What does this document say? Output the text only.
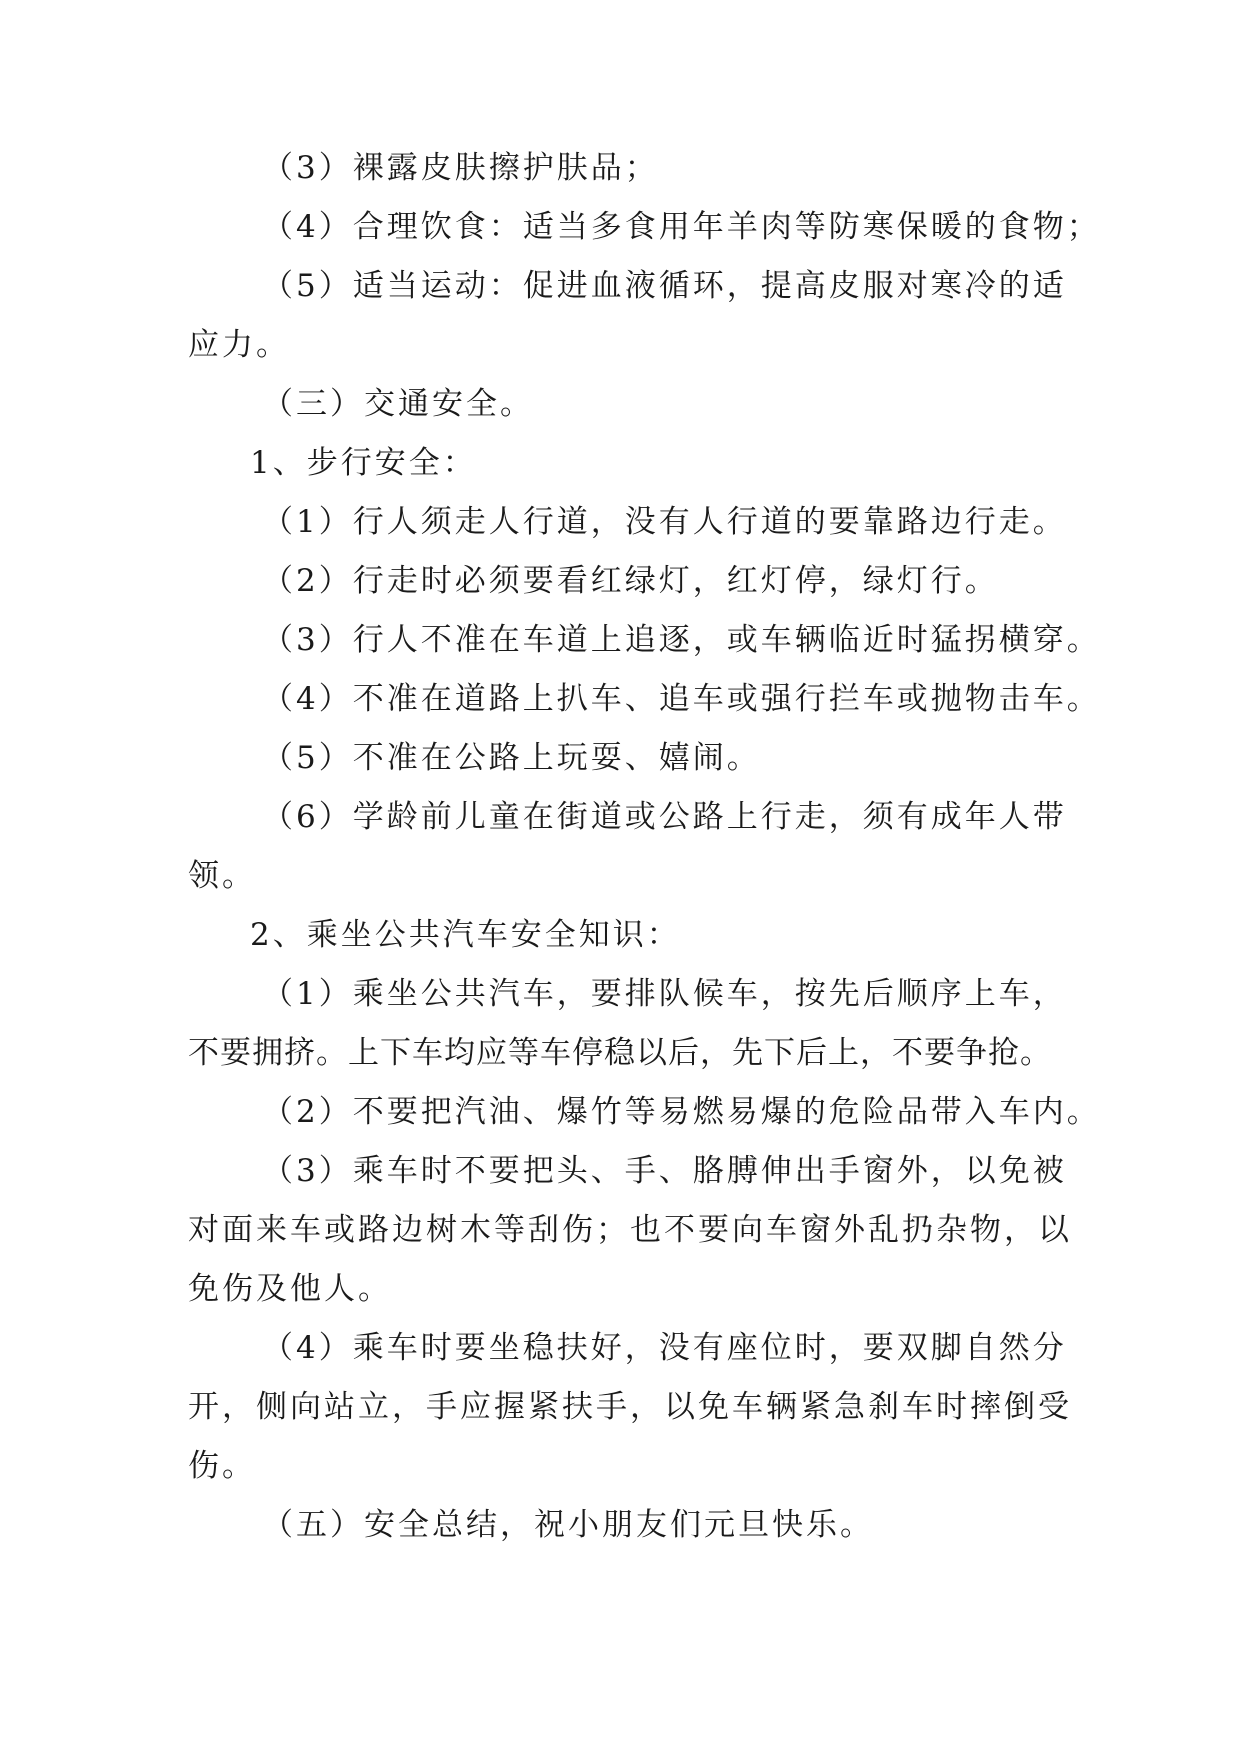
（3）裸露皮肤擦护肤品；
（4）合理饮食：适当多食用年羊肉等防寒保暖的食物；
（5）适当运动：促进血液循环，提高皮服对寒冷的适
应力。
（三）交通安全。
1、步行安全：
（1）行人须走人行道，没有人行道的要靠路边行走。
（2）行走时必须要看红绿灯，红灯停，绿灯行。
（3）行人不准在车道上追逐，或车辆临近时猛拐横穿。
（4）不准在道路上扒车、追车或强行拦车或抛物击车。
（5）不准在公路上玩耍、嬉闹。
（6）学龄前儿童在街道或公路上行走，须有成年人带
领。
2、乘坐公共汽车安全知识：
（1）乘坐公共汽车，要排队候车，按先后顺序上车，
不要拥挤。上下车均应等车停稳以后，先下后上，不要争抢。
（2）不要把汽油、爆竹等易燃易爆的危险品带入车内。
（3）乘车时不要把头、手、胳膊伸出手窗外，以免被
对面来车或路边树木等刮伤；也不要向车窗外乱扔杂物，以
免伤及他人。
（4）乘车时要坐稳扶好，没有座位时，要双脚自然分
开，侧向站立，手应握紧扶手，以免车辆紧急刹车时摔倒受
伤。
（五）安全总结，祝小朋友们元旦快乐。
